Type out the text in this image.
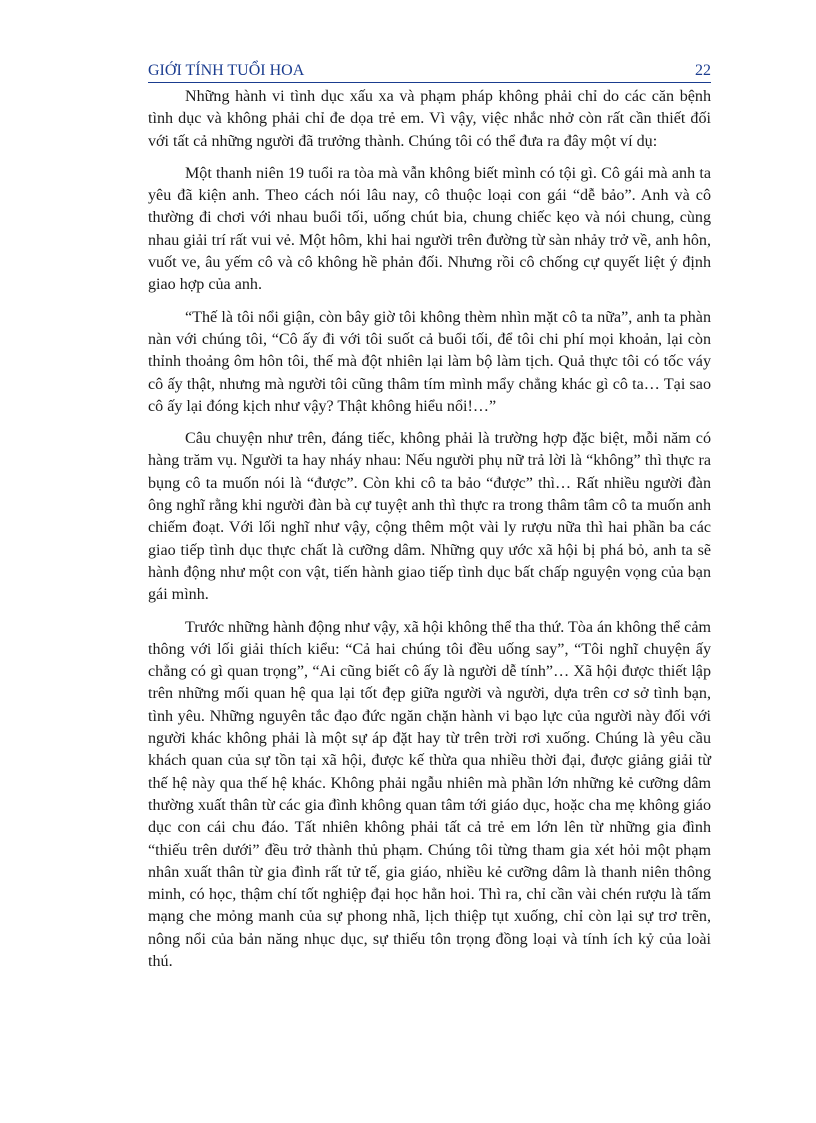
GIỚI TÍNH TUỔI HOA	22

Những hành vi tình dục xấu xa và phạm pháp không phải chỉ do các căn bệnh tình dục và không phải chỉ đe dọa trẻ em. Vì vậy, việc nhắc nhở còn rất cần thiết đối với tất cả những người đã trưởng thành. Chúng tôi có thể đưa ra đây một ví dụ:

Một thanh niên 19 tuổi ra tòa mà vẫn không biết mình có tội gì. Cô gái mà anh ta yêu đã kiện anh. Theo cách nói lâu nay, cô thuộc loại con gái “dễ bảo”. Anh và cô thường đi chơi với nhau buổi tối, uống chút bia, chung chiếc kẹo và nói chung, cùng nhau giải trí rất vui vẻ. Một hôm, khi hai người trên đường từ sàn nhảy trở về, anh hôn, vuốt ve, âu yếm cô và cô không hề phản đối. Nhưng rồi cô chống cự quyết liệt ý định giao hợp của anh.

“Thế là tôi nổi giận, còn bây giờ tôi không thèm nhìn mặt cô ta nữa”, anh ta phàn nàn với chúng tôi, “Cô ấy đi với tôi suốt cả buổi tối, để tôi chi phí mọi khoản, lại còn thỉnh thoảng ôm hôn tôi, thế mà đột nhiên lại làm bộ làm tịch. Quả thực tôi có tốc váy cô ấy thật, nhưng mà người tôi cũng thâm tím mình mẩy chẳng khác gì cô ta… Tại sao cô ấy lại đóng kịch như vậy? Thật không hiểu nổi!…”

Câu chuyện như trên, đáng tiếc, không phải là trường hợp đặc biệt, mỗi năm có hàng trăm vụ. Người ta hay nháy nhau: Nếu người phụ nữ trả lời là “không” thì thực ra bụng cô ta muốn nói là “được”. Còn khi cô ta bảo “được” thì… Rất nhiều người đàn ông nghĩ rằng khi người đàn bà cự tuyệt anh thì thực ra trong thâm tâm cô ta muốn anh chiếm đoạt. Với lối nghĩ như vậy, cộng thêm một vài ly rượu nữa thì hai phần ba các giao tiếp tình dục thực chất là cưỡng dâm. Những quy ước xã hội bị phá bỏ, anh ta sẽ hành động như một con vật, tiến hành giao tiếp tình dục bất chấp nguyện vọng của bạn gái mình.

Trước những hành động như vậy, xã hội không thể tha thứ. Tòa án không thể cảm thông với lối giải thích kiểu: “Cả hai chúng tôi đều uống say”, “Tôi nghĩ chuyện ấy chẳng có gì quan trọng”, “Ai cũng biết cô ấy là người dễ tính”… Xã hội được thiết lập trên những mối quan hệ qua lại tốt đẹp giữa người và người, dựa trên cơ sở tình bạn, tình yêu. Những nguyên tắc đạo đức ngăn chặn hành vi bạo lực của người này đối với người khác không phải là một sự áp đặt hay từ trên trời rơi xuống. Chúng là yêu cầu khách quan của sự tồn tại xã hội, được kế thừa qua nhiều thời đại, được giảng giải từ thế hệ này qua thế hệ khác. Không phải ngẫu nhiên mà phần lớn những kẻ cưỡng dâm thường xuất thân từ các gia đình không quan tâm tới giáo dục, hoặc cha mẹ không giáo dục con cái chu đáo. Tất nhiên không phải tất cả trẻ em lớn lên từ những gia đình “thiếu trên dưới” đều trở thành thủ phạm. Chúng tôi từng tham gia xét hỏi một phạm nhân xuất thân từ gia đình rất tử tế, gia giáo, nhiều kẻ cưỡng dâm là thanh niên thông minh, có học, thậm chí tốt nghiệp đại học hẳn hoi. Thì ra, chỉ cần vài chén rượu là tấm mạng che mỏng manh của sự phong nhã, lịch thiệp tụt xuống, chỉ còn lại sự trơ trẽn, nông nổi của bản năng nhục dục, sự thiếu tôn trọng đồng loại và tính ích kỷ của loài thú.
